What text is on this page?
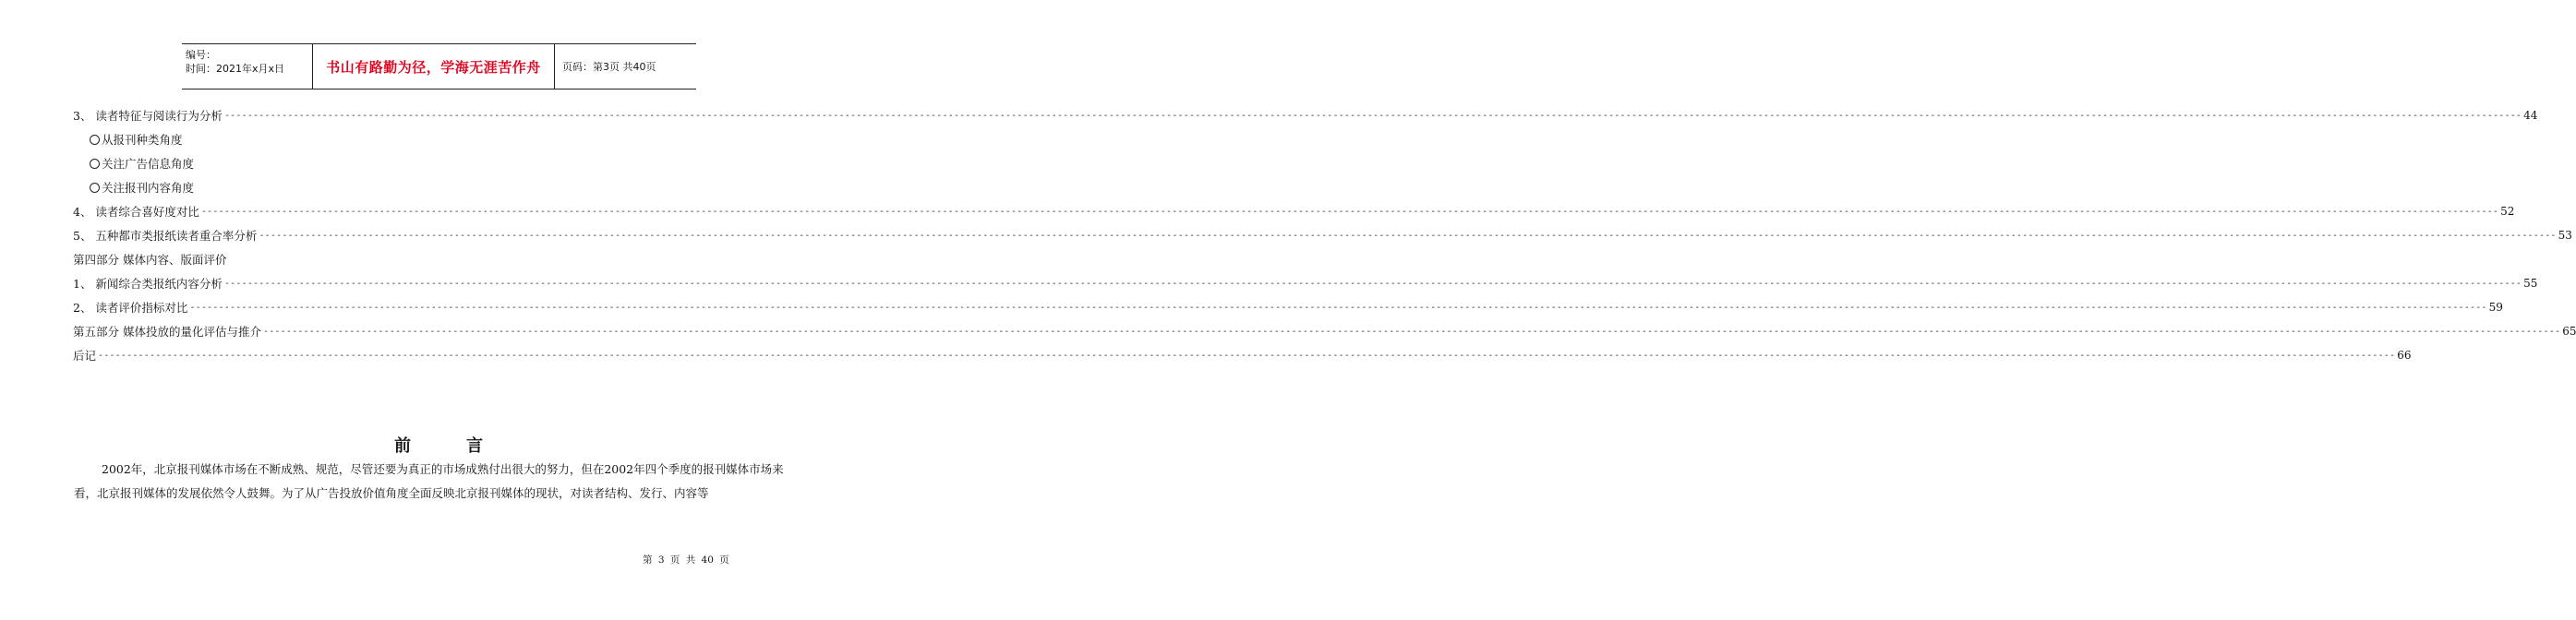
编号：
时间：2021年x月x日	书山有路勤为径，学海无涯苦作舟	页码：第3页 共40页
3、 读者特征与阅读行为分析 ---------------------------------------------------------------------------------------------------------------------------------------------------------------------------------------------------------------------------------------------------------------------------------------------------------------------------------------------------------------------------------------------------------------- 44
从报刊种类角度
关注广告信息角度
关注报刊内容角度
4、 读者综合喜好度对比 ---------------------------------------------------------------------------------------------------------------------------------------------------------------------------------------------------------------------------------------------------------------------------------------------------------------------------------------------------------------------------------------------------------------- 52
5、 五种都市类报纸读者重合率分析 ---------------------------------------------------------------------------------------------------------------------------------------------------------------------------------------------------------------------------------------------------------------------------------------------------------------------------------------------------------------------------------------------------------------- 53
第四部分 媒体内容、版面评价
1、 新闻综合类报纸内容分析 ---------------------------------------------------------------------------------------------------------------------------------------------------------------------------------------------------------------------------------------------------------------------------------------------------------------------------------------------------------------------------------------------------------------- 55
2、 读者评价指标对比 ---------------------------------------------------------------------------------------------------------------------------------------------------------------------------------------------------------------------------------------------------------------------------------------------------------------------------------------------------------------------------------------------------------------- 59
第五部分 媒体投放的量化评估与推介 ---------------------------------------------------------------------------------------------------------------------------------------------------------------------------------------------------------------------------------------------------------------------------------------------------------------------------------------------------------------------------------------------------------------- 65
后记 ---------------------------------------------------------------------------------------------------------------------------------------------------------------------------------------------------------------------------------------------------------------------------------------------------------------------------------------------------------------------------------------------------------------- 66
前言
2002年，北京报刊媒体市场在不断成熟、规范，尽管还要为真正的市场成熟付出很大的努力，但在2002年四个季度的报刊媒体市场来看，北京报刊媒体的发展依然令人鼓舞。为了从广告投放价值角度全面反映北京报刊媒体的现状，对读者结构、发行、内容等
第 3 页 共 40 页
